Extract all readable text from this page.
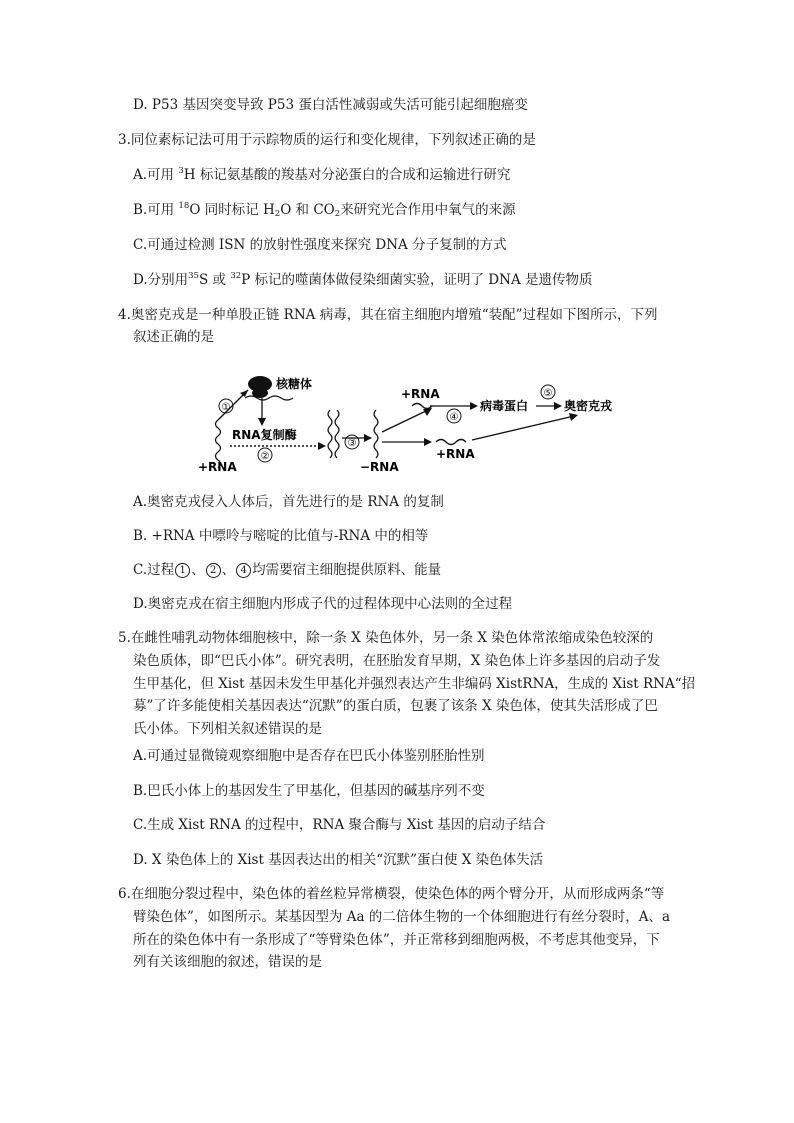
D. P53 基因突变导致 P53 蛋白活性减弱或失活可能引起细胞癌变
3.同位素标记法可用于示踪物质的运行和变化规律，下列叙述正确的是
A.可用 $^3$H 标记氨基酸的羧基对分泌蛋白的合成和运输进行研究
B.可用 $^{18}$O 同时标记 $H_2O$ 和 $CO_2$来研究光合作用中氧气的来源
C.可通过检测 ISN 的放射性强度来探究 DNA 分子复制的方式
D.分别用$^{35}$S 或 $^{32}$P 标记的噬菌体做侵染细菌实验，证明了 DNA 是遗传物质
4.奥密克戎是一种单股正链 RNA 病毒，其在宿主细胞内增殖“装配”过程如下图所示，下列
叙述正确的是
核糖体
+RNA
①
RNA复制酶
②
③
−RNA
+RNA
+RNA
④
病毒蛋白
⑤
奥密克戎
A.奥密克戎侵入人体后，首先进行的是 RNA 的复制
B. +RNA 中嘌呤与嘧啶的比值与-RNA 中的相等
C.过程 1 、 2 、 4 均需要宿主细胞提供原料、能量
D.奥密克戎在宿主细胞内形成子代的过程体现中心法则的全过程
5.在雌性哺乳动物体细胞核中，除一条 X 染色体外，另一条 X 染色体常浓缩成染色较深的
染色质体，即“巴氏小体”。研究表明，在胚胎发育早期，X 染色体上许多基因的启动子发
生甲基化，但 Xist 基因未发生甲基化并强烈表达产生非编码 XistRNA，生成的 Xist RNA“招
募”了许多能使相关基因表达“沉默”的蛋白质，包裹了该条 X 染色体，使其失活形成了巴
氏小体。下列相关叙述错误的是
A.可通过显微镜观察细胞中是否存在巴氏小体鉴别胚胎性别
B.巴氏小体上的基因发生了甲基化，但基因的碱基序列不变
C.生成 Xist RNA 的过程中，RNA 聚合酶与 Xist 基因的启动子结合
D. X 染色体上的 Xist 基因表达出的相关“沉默”蛋白使 X 染色体失活
6.在细胞分裂过程中，染色体的着丝粒异常横裂，使染色体的两个臂分开，从而形成两条“等
臂染色体”，如图所示。某基因型为 Aa 的二倍体生物的一个体细胞进行有丝分裂时，A、a
所在的染色体中有一条形成了“等臂染色体”，并正常移到细胞两极，不考虑其他变异，下
列有关该细胞的叙述，错误的是
